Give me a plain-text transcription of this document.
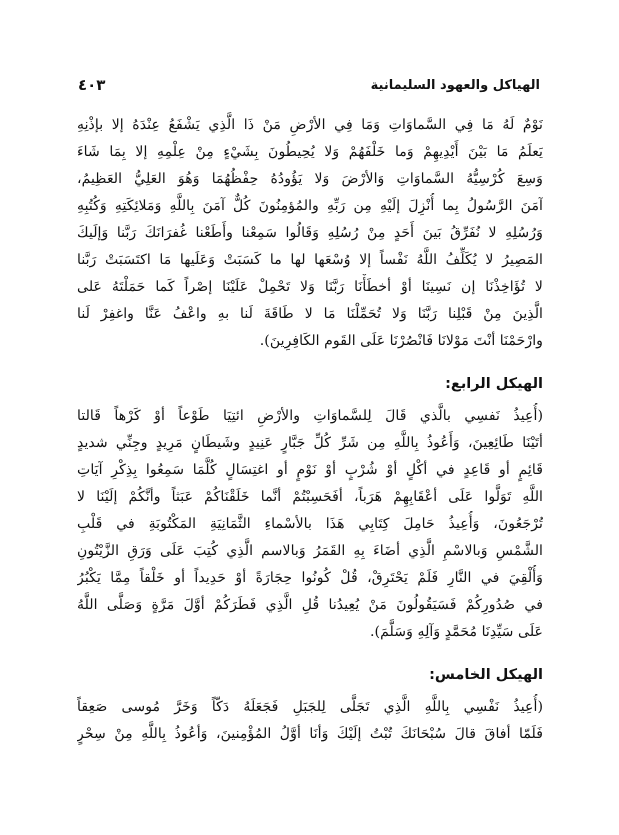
الهياكل والعهود السليمانية
٤٠٣
نَوْمٌ لَهُ مَا فِي السَّماوَاتِ وَمَا فِي الأرْضِ مَنْ ذَا الَّذِي يَشْفَعُ عِنْدَهُ إلا بإذْنِهِ
يَعلَمُ مَا بَيْنَ أَيْدِيهِمْ وَما خَلْفَهُمْ وَلا يُحِيطُونَ بِشَيْءٍ مِنْ عِلْمِهِ إلا بِمَا شَاءَ
وَسِعَ كُرْسِيُّهُ السَّماوَاتِ وَالأرْضَ وَلا يَؤُودُهُ حِفْظُهُمَا وَهُوَ العَلِيُّ العَظِيمُ،
آمَنَ الرَّسُولُ بِما أُنْزِلَ إلَيْهِ مِن رَبِّهِ والمُؤمِنُونَ كُلٌّ آمَنَ بِاللَّهِ وَمَلائِكَتِهِ وَكُتُبِهِ
وَرُسُلِهِ لا نُفَرِّقُ بَينَ أَحَدٍ مِنْ رُسُلِهِ وَقَالُوا سَمِعْنا وأَطَعْنا غُفرَانَكَ رَبَّنا وَإلَيكَ
المَصِيرُ لا يُكَلِّفُ اللَّهُ نَفْساً إلا وُسْعَها لها ما كَسَبَتْ وَعَلَيها مَا اكتَسَبَتْ رَبَّنا
لا تُؤَاخِذْنَا إن نَسِينَا أوْ أخطَأْنَا رَبَّنَا وَلا تَحْمِلْ عَلَيْنَا إصْراً كَما حَمَلْتَهُ عَلى
الَّذِينَ مِنْ قَبْلِنا رَبَّنَا وَلا تُحَمِّلْنَا مَا لا طَاقَةَ لَنا بهِ واعْفُ عَنَّا واغفِرْ لَنا
وارْحَمْنَا أنْتَ مَوْلانَا فَانْصُرْنَا عَلَى القَوم الكَافِرِينَ).
الهيكل الرابع:
(أُعِيذُ نَفسِي بالَّذي قَالَ لِلسَّماوَاتِ والأرْضِ ائتِيَا طَوْعاً أوْ كَرْهاً قَالتا
أتَيْنَا طَائِعِينَ، وَأَعُوذُ بِاللَّهِ مِن شَرِّ كُلِّ جَبَّارٍ عَنِيدٍ وشَيطَانٍ مَرِيدٍ وجِنِّي شديدٍ
قَائِمٍ أو قَاعِدٍ في أكْلٍ أوْ شُرْبٍ أوْ نَوْمٍ أو اغتِسَالٍ كُلَّمَا سَمِعُوا بِذِكْرِ آيَاتِ
اللَّهِ تَوَلَّوا عَلَى أعْقَابِهِمْ هَرَباً، أفَحَسِبْتُمْ أنَّما خَلَقْنَاكُمْ عَبَثاً وأنَّكُمْ إلَيْنَا لا
تُرْجَعُونَ، وَأُعِيذُ حَامِلَ كِتَابِي هَذَا بالأسْماءِ الثَّمَانِيَةِ المَكْتُوبَةِ في قَلْبِ
الشَّمْسِ وَبالاسْمِ الَّذِي أضَاءَ بِهِ القَمَرُ وَبالاسم الَّذِي كُتِبَ عَلَى وَرَقِ الزَّيْتُونِ
وَأُلْقِيَ في النَّارِ فَلَمْ يَحْتَرِقْ، قُلْ كُونُوا حِجَارَةً أوْ حَدِيداً أو خَلْقاً مِمَّا يَكْبُرُ
في صُدُورِكُمْ فَسَيَقُولُونَ مَنْ يُعِيدُنا قُلِ الَّذِي فَطَرَكُمْ أوَّلَ مَرَّةٍ وَصَلَّى اللَّهُ
عَلَى سَيِّدِنَا مُحَمَّدٍ وَآلِهِ وَسَلَّمَ).
الهيكل الخامس:
(أُعِيذُ نَفْسِي بِاللَّهِ الَّذِي تَجَلَّى لِلجَبَلِ فَجَعَلَهُ دَكّاً وَخَرَّ مُوسى صَعِقاً
فَلَمّا أفاقَ قالَ سُبْحَانَكَ تُبْتُ إلَيْكَ وَأنَا أوَّلُ المُؤْمِنينَ، وَأعُوذُ بِاللَّهِ مِنْ سِحْرٍ
